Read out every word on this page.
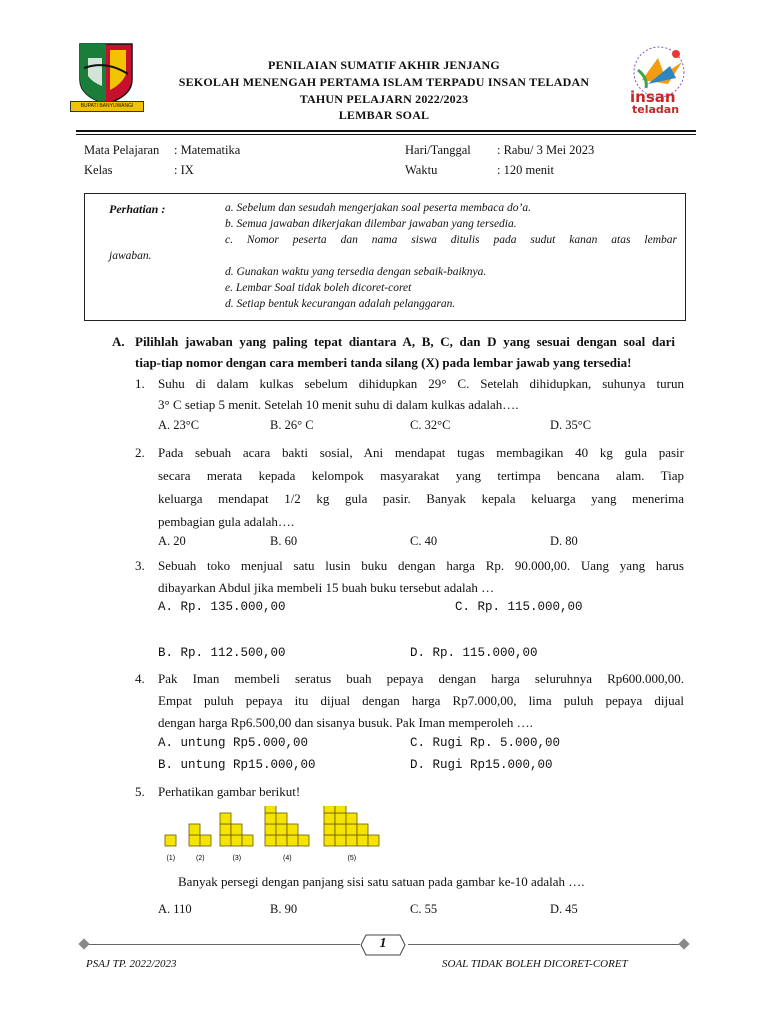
BUPATI BANYUWANGI	insan
teladan
PENILAIAN SUMATIF AKHIR JENJANG
SEKOLAH MENENGAH PERTAMA ISLAM TERPADU INSAN TELADAN
TAHUN PELAJARN 2022/2023
LEMBAR SOAL
Mata Pelajaran : Matematika	Hari/Tanggal : Rabu/ 3 Mei 2023
Kelas	: IX	Waktu	: 120 menit
Perhatian :	a. Sebelum dan sesudah mengerjakan soal peserta membaca do’a.
b. Semua jawaban dikerjakan dilembar jawaban yang tersedia.
c. Nomor peserta dan nama siswa ditulis pada sudut kanan atas lembar
jawaban.
d. Gunakan waktu yang tersedia dengan sebaik-baiknya.
e. Lembar Soal tidak boleh dicoret-coret
d. Setiap bentuk kecurangan adalah pelanggaran.
A. Pilihlah jawaban yang paling tepat diantara A, B, C, dan D yang sesuai dengan soal dari
tiap-tiap nomor dengan cara memberi tanda silang (X) pada lembar jawab yang tersedia!
1. Suhu di dalam kulkas sebelum dihidupkan 29° C. Setelah dihidupkan, suhunya turun
3° C setiap 5 menit. Setelah 10 menit suhu di dalam kulkas adalah….
A. 23°C	B. 26° C	C. 32°C	D. 35°C
2. Pada sebuah acara bakti sosial, Ani mendapat tugas membagikan 40 kg gula pasir
secara merata kepada kelompok masyarakat yang tertimpa bencana alam. Tiap
keluarga mendapat 1/2 kg gula pasir. Banyak kepala keluarga yang menerima
pembagian gula adalah….
A. 20	B. 60	C. 40	D. 80
3. Sebuah toko menjual satu lusin buku dengan harga Rp. 90.000,00. Uang yang harus
dibayarkan Abdul jika membeli 15 buah buku tersebut adalah …
A. Rp. 135.000,00	C. Rp. 115.000,00
B. Rp. 112.500,00	D. Rp. 115.000,00
4. Pak Iman membeli seratus buah pepaya dengan harga seluruhnya Rp600.000,00.
Empat puluh pepaya itu dijual dengan harga Rp7.000,00, lima puluh pepaya dijual
dengan harga Rp6.500,00 dan sisanya busuk. Pak Iman memperoleh ….
A. untung Rp5.000,00	C. Rugi Rp. 5.000,00
B. untung Rp15.000,00	D. Rugi Rp15.000,00
5. Perhatikan gambar berikut!
(1)	(2)	(3)	(4)	(5)
Banyak persegi dengan panjang sisi satu satuan pada gambar ke-10 adalah ….
A. 110	B. 90	C. 55	D. 45
1
PSAJ TP. 2022/2023	SOAL TIDAK BOLEH DICORET-CORET
